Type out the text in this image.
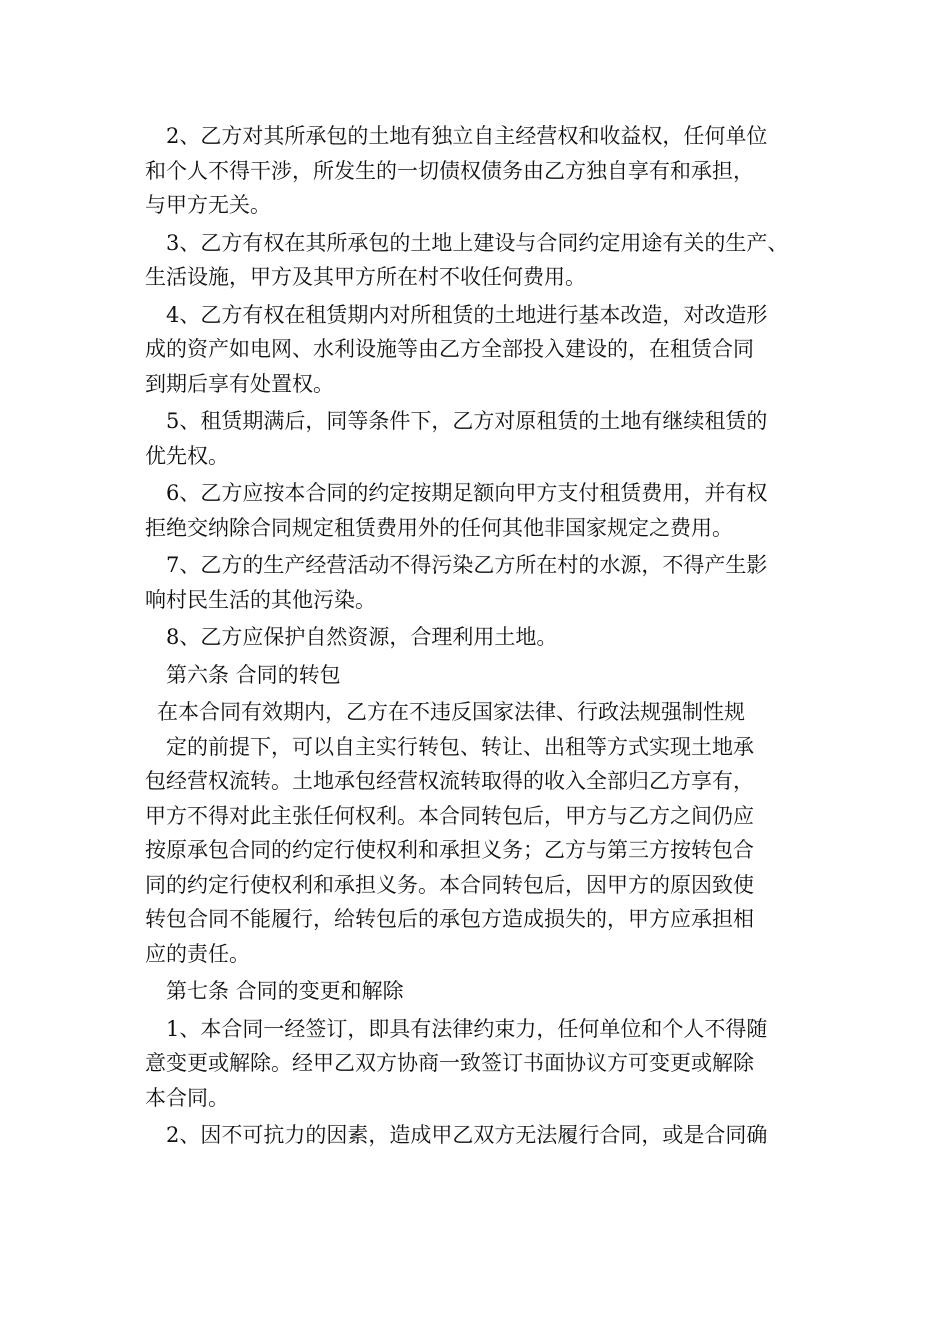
2、乙方对其所承包的土地有独立自主经营权和收益权，任何单位
和个人不得干涉，所发生的一切债权债务由乙方独自享有和承担，
与甲方无关。

3、乙方有权在其所承包的土地上建设与合同约定用途有关的生产、
生活设施，甲方及其甲方所在村不收任何费用。

4、乙方有权在租赁期内对所租赁的土地进行基本改造，对改造形
成的资产如电网、水利设施等由乙方全部投入建设的，在租赁合同
到期后享有处置权。

5、租赁期满后，同等条件下，乙方对原租赁的土地有继续租赁的
优先权。

6、乙方应按本合同的约定按期足额向甲方支付租赁费用，并有权
拒绝交纳除合同规定租赁费用外的任何其他非国家规定之费用。

7、乙方的生产经营活动不得污染乙方所在村的水源，不得产生影
响村民生活的其他污染。

8、乙方应保护自然资源，合理利用土地。

第六条 合同的转包

在本合同有效期内，乙方在不违反国家法律、行政法规强制性规
定的前提下，可以自主实行转包、转让、出租等方式实现土地承
包经营权流转。土地承包经营权流转取得的收入全部归乙方享有，
甲方不得对此主张任何权利。本合同转包后，甲方与乙方之间仍应
按原承包合同的约定行使权利和承担义务；乙方与第三方按转包合
同的约定行使权利和承担义务。本合同转包后，因甲方的原因致使
转包合同不能履行，给转包后的承包方造成损失的，甲方应承担相
应的责任。

第七条 合同的变更和解除

1、本合同一经签订，即具有法律约束力，任何单位和个人不得随
意变更或解除。经甲乙双方协商一致签订书面协议方可变更或解除
本合同。

2、因不可抗力的因素，造成甲乙双方无法履行合同，或是合同确
